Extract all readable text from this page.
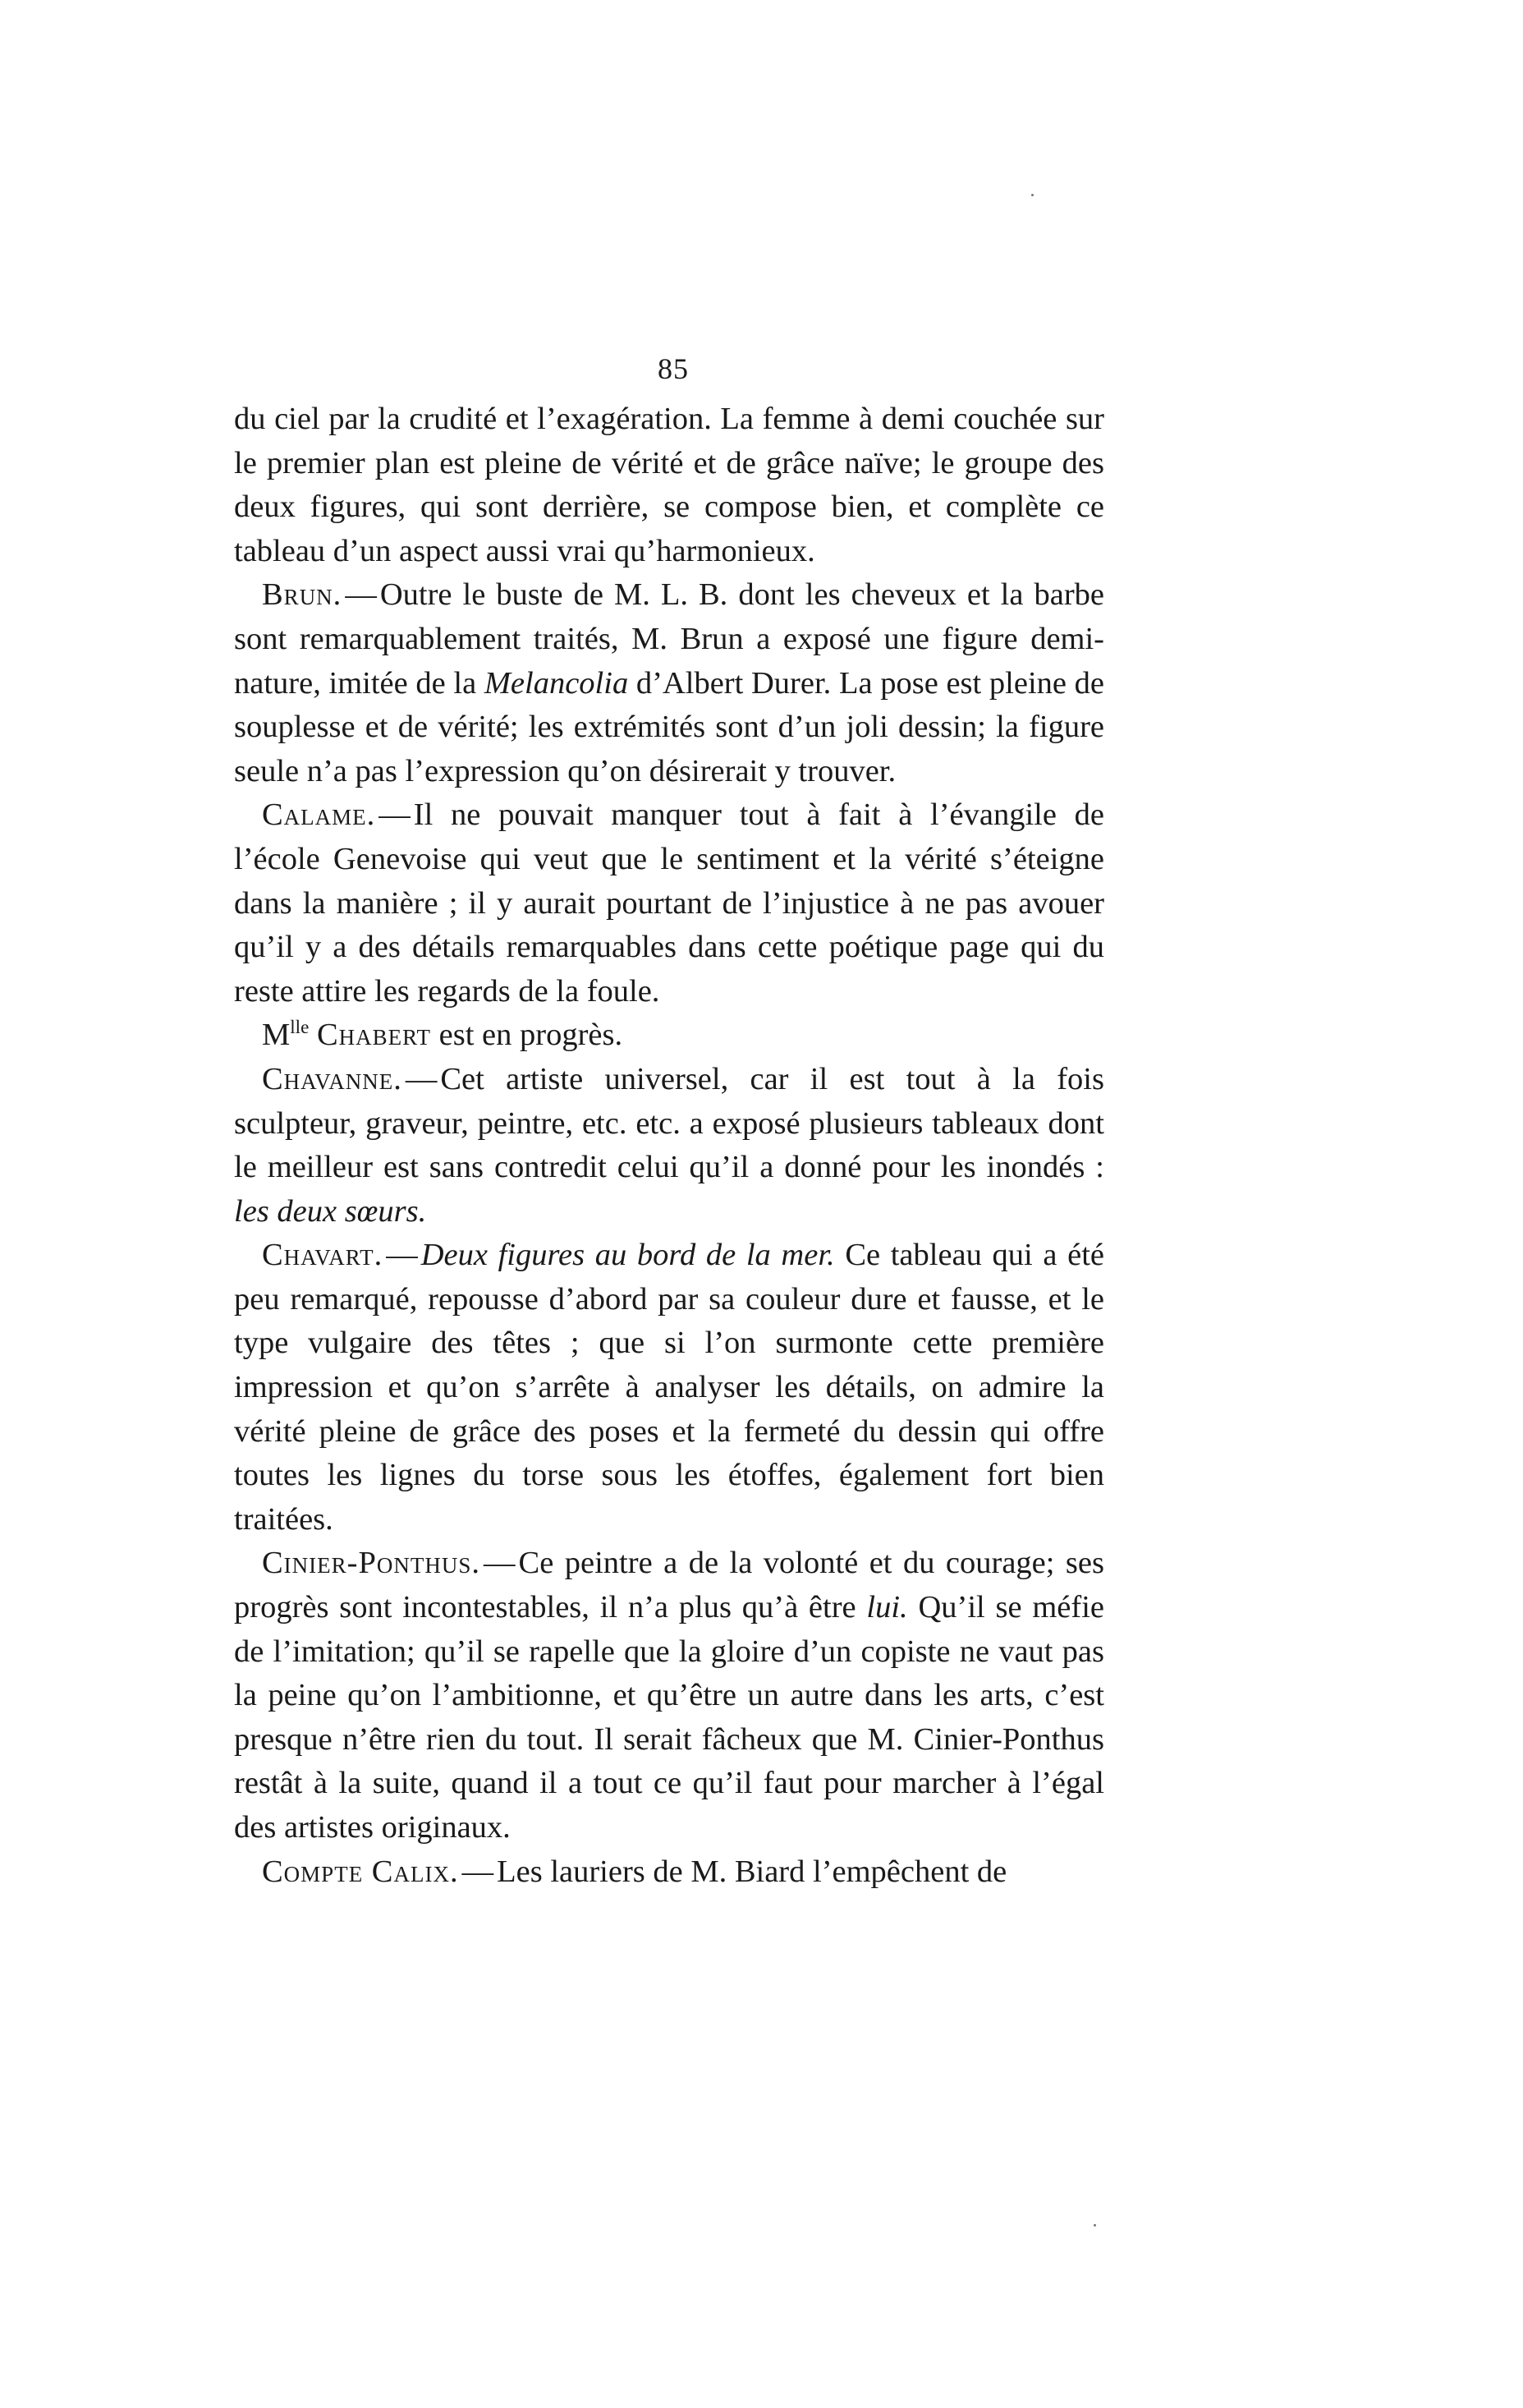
85

du ciel par la crudité et l’exagération. La femme à demi couchée sur le premier plan est pleine de vérité et de grâce naïve; le groupe des deux figures, qui sont derrière, se compose bien, et complète ce tableau d’un aspect aussi vrai qu’harmonieux.

Brun. — Outre le buste de M. L. B. dont les cheveux et la barbe sont remarquablement traités, M. Brun a exposé une figure demi-nature, imitée de la Melancolia d’Albert Durer. La pose est pleine de souplesse et de vérité; les extrémités sont d’un joli dessin; la figure seule n’a pas l’expression qu’on désirerait y trouver.

Calame. — Il ne pouvait manquer tout à fait à l’évangile de l’école Genevoise qui veut que le sentiment et la vérité s’éteigne dans la manière ; il y aurait pourtant de l’injustice à ne pas avouer qu’il y a des détails remarquables dans cette poétique page qui du reste attire les regards de la foule.

$M^{lle}$ Chabert est en progrès.

Chavanne. — Cet artiste universel, car il est tout à la fois sculpteur, graveur, peintre, etc. etc. a exposé plusieurs tableaux dont le meilleur est sans contredit celui qu’il a donné pour les inondés : les deux sœurs.

Chavart. — Deux figures au bord de la mer. Ce tableau qui a été peu remarqué, repousse d’abord par sa couleur dure et fausse, et le type vulgaire des têtes ; que si l’on surmonte cette première impression et qu’on s’arrête à analyser les détails, on admire la vérité pleine de grâce des poses et la fermeté du dessin qui offre toutes les lignes du torse sous les étoffes, également fort bien traitées.

Cinier-Ponthus. — Ce peintre a de la volonté et du courage; ses progrès sont incontestables, il n’a plus qu’à être lui. Qu’il se méfie de l’imitation; qu’il se rapelle que la gloire d’un copiste ne vaut pas la peine qu’on l’ambitionne, et qu’être un autre dans les arts, c’est presque n’être rien du tout. Il serait fâcheux que M. Cinier-Ponthus restât à la suite, quand il a tout ce qu’il faut pour marcher à l’égal des artistes originaux.

Compte Calix. — Les lauriers de M. Biard l’empêchent de
